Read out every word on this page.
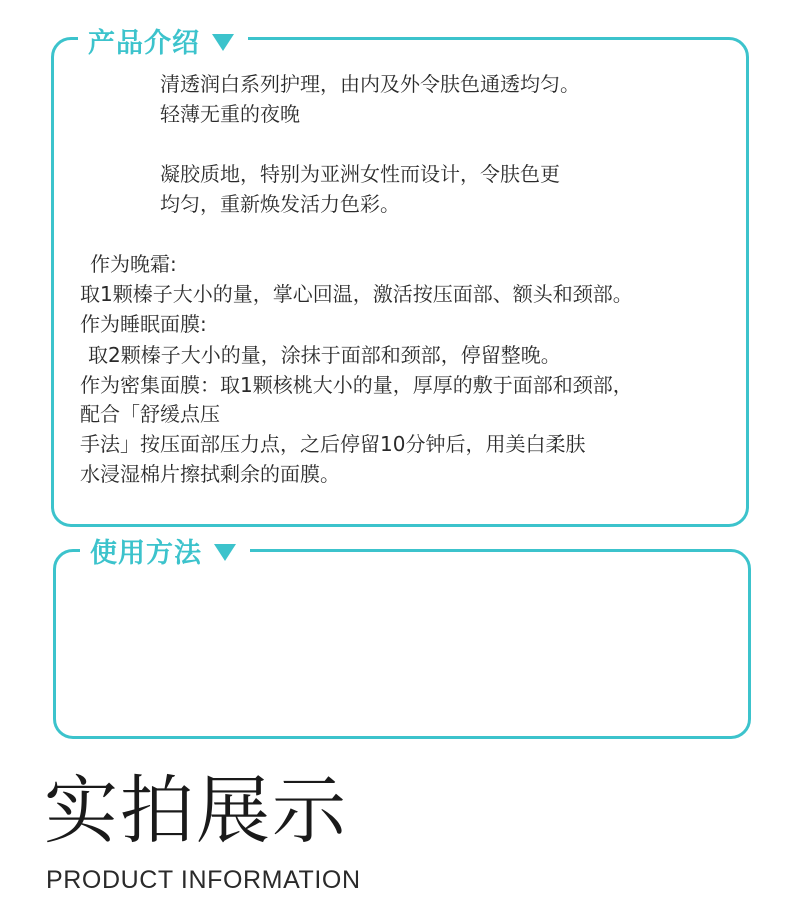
产品介绍
清透润白系列护理，由内及外令肤色通透均匀。
轻薄无重的夜晚
凝胶质地，特别为亚洲女性而设计，令肤色更
均匀，重新焕发活力色彩。
作为晚霜:
取1颗榛子大小的量，掌心回温，激活按压面部、额头和颈部。
作为睡眠面膜:
取2颗榛子大小的量，涂抹于面部和颈部，停留整晚。
作为密集面膜：取1颗核桃大小的量，厚厚的敷于面部和颈部，
配合「舒缓点压
手法」按压面部压力点，之后停留10分钟后，用美白柔肤
水浸湿棉片擦拭剩余的面膜。
使用方法
实拍展示
PRODUCT INFORMATION
